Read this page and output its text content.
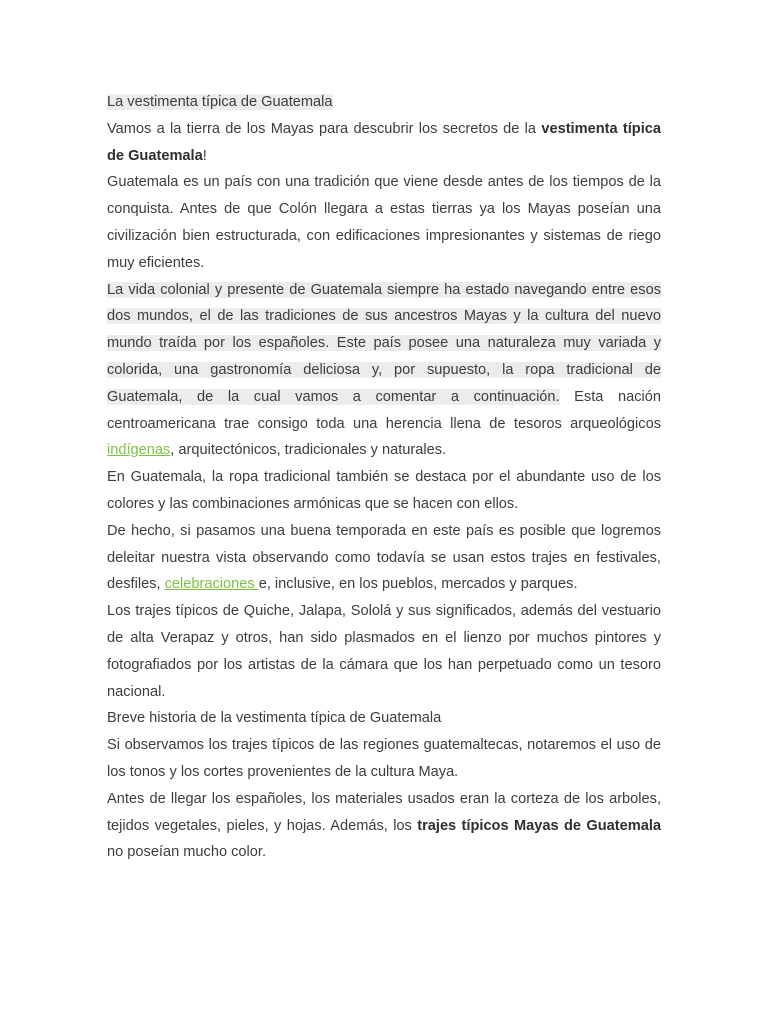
La vestimenta típica de Guatemala

Vamos a la tierra de los Mayas para descubrir los secretos de la vestimenta típica de Guatemala!

Guatemala es un país con una tradición que viene desde antes de los tiempos de la conquista. Antes de que Colón llegara a estas tierras ya los Mayas poseían una civilización bien estructurada, con edificaciones impresionantes y sistemas de riego muy eficientes.

La vida colonial y presente de Guatemala siempre ha estado navegando entre esos dos mundos, el de las tradiciones de sus ancestros Mayas y la cultura del nuevo mundo traída por los españoles. Este país posee una naturaleza muy variada y colorida, una gastronomía deliciosa y, por supuesto, la ropa tradicional de Guatemala, de la cual vamos a comentar a continuación. Esta nación centroamericana trae consigo toda una herencia llena de tesoros arqueológicos indígenas, arquitectónicos, tradicionales y naturales.

En Guatemala, la ropa tradicional también se destaca por el abundante uso de los colores y las combinaciones armónicas que se hacen con ellos.

De hecho, si pasamos una buena temporada en este país es posible que logremos deleitar nuestra vista observando como todavía se usan estos trajes en festivales, desfiles, celebraciones e, inclusive, en los pueblos, mercados y parques.

Los trajes típicos de Quiche, Jalapa, Sololá y sus significados, además del vestuario de alta Verapaz y otros, han sido plasmados en el lienzo por muchos pintores y fotografiados por los artistas de la cámara que los han perpetuado como un tesoro nacional.

Breve historia de la vestimenta típica de Guatemala

Si observamos los trajes típicos de las regiones guatemaltecas, notaremos el uso de los tonos y los cortes provenientes de la cultura Maya.

Antes de llegar los españoles, los materiales usados eran la corteza de los arboles, tejidos vegetales, pieles, y hojas. Además, los trajes típicos Mayas de Guatemala no poseían mucho color.
